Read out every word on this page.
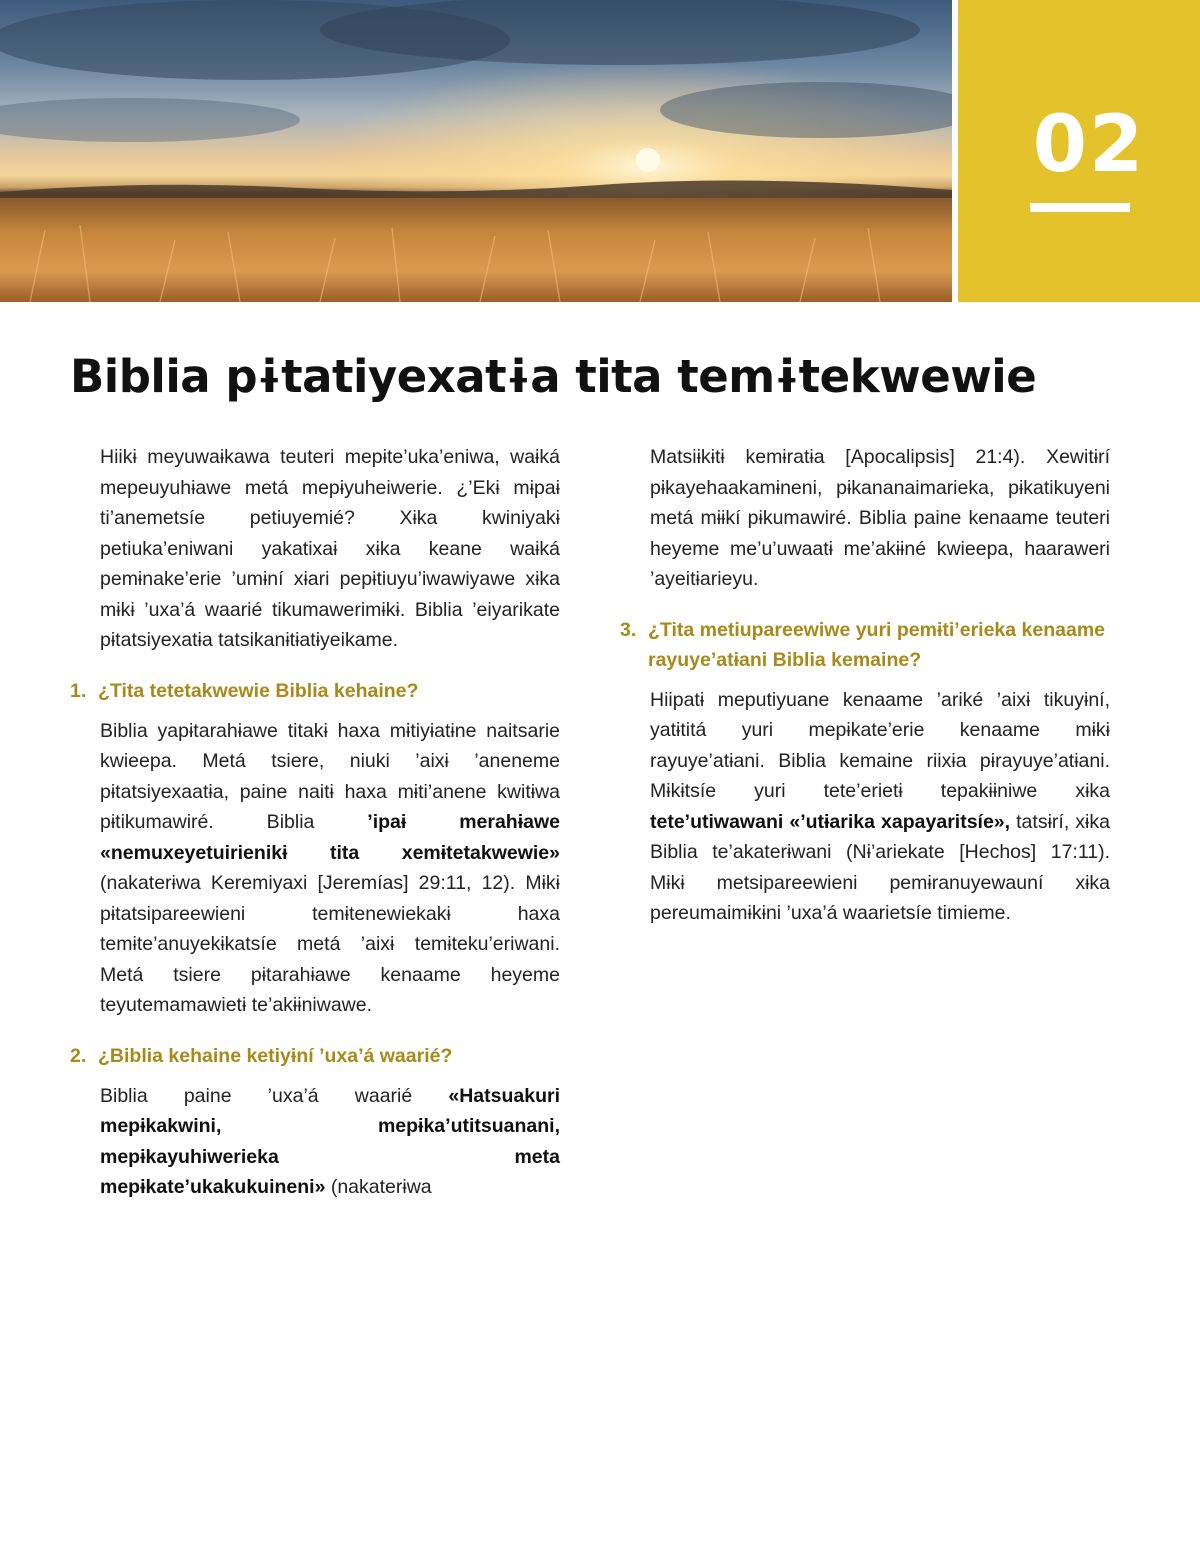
02
Biblia pɨtatiyexatɨa tita temɨtekwewie

Hiikɨ meyuwaɨkawa teuteri mepɨte’uka’eniwa, waɨká mepeuyuhɨawe metá mepɨyuheiwerie. ¿’Ekɨ mɨpaɨ ti’anemetsíe petiuyemié? Xɨka kwiniyakɨ petiuka’eniwani yakatixaɨ xɨka keane waɨká pemɨnake’erie ’umɨní xɨari pepɨtiuyu’iwawiyawe xɨka mɨkɨ ’uxa’á waarié tikumawerimɨkɨ. Biblia ’eiyarikate pɨtatsiyexatɨa tatsikanɨtɨatɨyeikame.

1. ¿Tita tetetakwewie Biblia kehaine?

Biblia yapɨtarahɨawe titakɨ haxa mɨtiyɨatɨne naitsarie kwieepa. Metá tsiere, niuki ’aixɨ ’aneneme pɨtatsiyexaatɨa, paine naitɨ haxa mɨti’anene kwitɨwa pɨtikumawiré. Biblia ’ipaɨ merahɨawe «nemuxeyetuirienikɨ tita xemɨtetakwewie» (nakaterɨwa Keremiyaxi [Jeremías] 29:11, 12). Mɨkɨ pɨtatsipareewieni temɨtenewiekakɨ haxa temɨte’anuyekɨkatsíe metá ’aixɨ temɨteku’eriwani. Metá tsiere pɨtarahɨawe kenaame heyeme teyutemamawietɨ te’akɨɨniwawe.

2. ¿Biblia kehaine ketiyɨní ’uxa’á waarié?

Biblia paine ’uxa’á waarié «Hatsuakuri mepɨkakwini, mepɨka’utitsuanani, mepɨkayuhiwerieka meta mepɨkate’ukakukuineni» (nakaterɨwa

Matsiɨkɨtɨ kemɨratɨa [Apocalipsis] 21:4). Xewitɨrí pɨkayehaakamɨneni, pɨkananaimarieka, pɨkatikuyeni metá mɨɨkí pɨkumawiré. Biblia paine kenaame teuteri heyeme me’u’uwaatɨ me’akɨɨné kwieepa, haaraweri ’ayeitɨarieyu.

3. ¿Tita metiupareewiwe yuri pemɨti’erieka kenaame rayuye’atɨani Biblia kemaine?

Hiipatɨ meputiyuane kenaame ’ariké ’aixɨ tikuyɨní, yatɨtitá yuri mepɨkate’erie kenaame mɨkɨ rayuye’atɨani. Biblia kemaine riixɨa pɨrayuye’atɨani. Mɨkɨtsíe yuri tete’erietɨ tepakɨɨniwe xɨka tete’utiwawani «’utɨarika xapayaritsíe», tatsɨrí, xɨka Biblia te’akaterɨwani (Nɨ’ariekate [Hechos] 17:11). Mɨkɨ metsipareewieni pemɨranuyewauní xɨka pereumaimɨkɨni ’uxa’á waarietsíe timieme.
